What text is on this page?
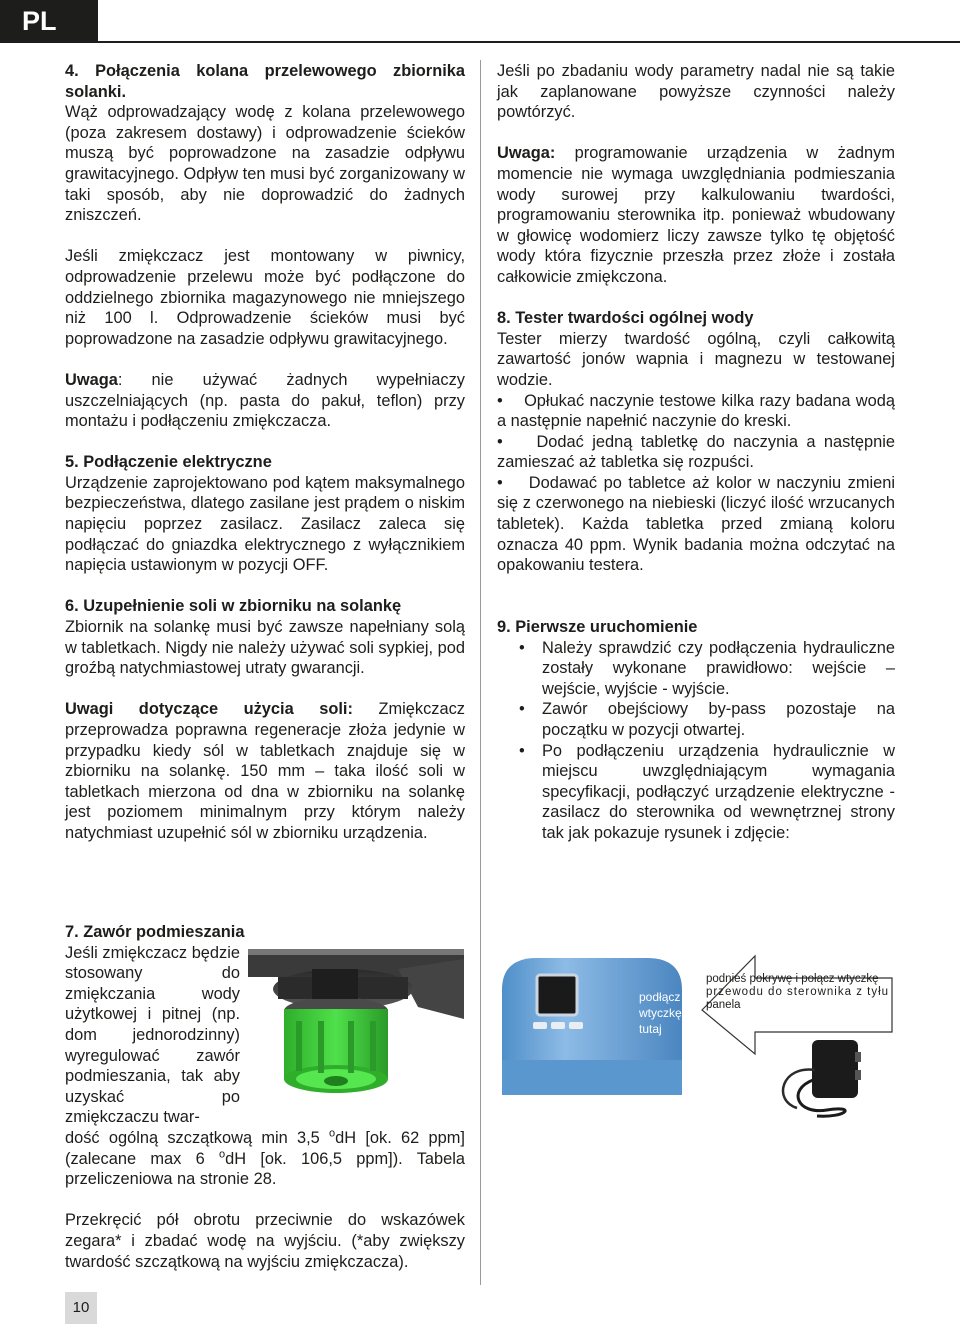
PL

4. Połączenia kolana przelewowego zbiornika solanki.

Wąż odprowadzający wodę z kolana przelewowego (poza zakresem dostawy) i odprowadzenie ścieków muszą być poprowadzone na zasadzie odpływu grawitacyjnego. Odpływ ten musi być zorganizowany w taki sposób, aby nie doprowadzić do żadnych zniszczeń.

Jeśli zmiękczacz jest montowany w piwnicy, odprowadzenie przelewu może być podłączone do oddzielnego zbiornika magazynowego nie mniejszego niż 100 l. Odprowadzenie ścieków musi być poprowadzone na zasadzie odpływu grawitacyjnego.

Uwaga: nie używać żadnych wypełniaczy uszczelniających (np. pasta do pakuł, teflon) przy montażu i podłączeniu zmiękczacza.

5. Podłączenie elektryczne

Urządzenie zaprojektowano pod kątem maksymalnego bezpieczeństwa, dlatego zasilane jest prądem o niskim napięciu poprzez zasilacz. Zasilacz zaleca się podłączać do gniazdka elektrycznego z wyłącznikiem napięcia ustawionym w pozycji OFF.

6. Uzupełnienie soli w zbiorniku na solankę

Zbiornik na solankę musi być zawsze napełniany solą w tabletkach. Nigdy nie należy używać soli sypkiej, pod groźbą natychmiastowej utraty gwarancji.

Uwagi dotyczące użycia soli: Zmiękczacz przeprowadza poprawna regeneracje złoża jedynie w przypadku kiedy sól w tabletkach znajduje się w zbiorniku na solankę. 150 mm – taka ilość soli w tabletkach mierzona od dna w zbiorniku na solankę jest poziomem minimalnym przy którym należy natychmiast uzupełnić sól w zbiorniku urządzenia.

7. Zawór podmieszania

Jeśli zmiękczacz będzie stosowany do zmiękczania wody użytkowej i pitnej (np. dom jednorodzinny) wyregulować zawór podmieszania, tak aby uzyskać po zmiękczaczu twar-

dość ogólną szczątkową min 3,5 $^o$dH [ok. 62 ppm] (zalecane max 6 $^o$dH [ok. 106,5 ppm]). Tabela przeliczeniowa na stronie 28.

Przekręcić pół obrotu przeciwnie do wskazówek zegara* i zbadać wodę na wyjściu. (*aby zwiększy twardość szczątkową na wyjściu zmiękczacza).

Jeśli po zbadaniu wody parametry nadal nie są takie jak zaplanowane powyższe czynności należy powtórzyć.

Uwaga: programowanie urządzenia w żadnym momencie nie wymaga uwzględniania podmieszania wody surowej przy kalkulowaniu twardości, programowaniu sterownika itp. ponieważ wbudowany w głowicę wodomierz liczy zawsze tylko tę objętość wody która fizycznie przeszła przez złoże i została całkowicie zmiękczona.

8. Tester twardości ogólnej wody

Tester mierzy twardość ogólną, czyli całkowitą zawartość jonów wapnia i magnezu w testowanej wodzie.

•    Opłukać naczynie testowe kilka razy badana wodą a następnie napełnić naczynie do kreski.
•    Dodać jedną tabletkę do naczynia a następnie zamieszać aż tabletka się rozpuści.
•    Dodawać po tabletce aż kolor w naczyniu zmieni się z czerwonego na niebieski (liczyć ilość wrzucanych tabletek). Każda tabletka przed zmianą koloru oznacza 40 ppm. Wynik badania można odczytać na opakowaniu testera.

9. Pierwsze uruchomienie

• Należy sprawdzić czy podłączenia hydrauliczne zostały wykonane prawidłowo: wejście – wejście, wyjście - wyjście.
• Zawór obejściowy by-pass pozostaje na początku w pozycji otwartej.
• Po podłączeniu urządzenia hydraulicznie w miejscu uwzględniającym wymagania specyfikacji, podłączyć urządzenie elektryczne - zasilacz do sterownika od wewnętrznej strony tak jak pokazuje rysunek i zdjęcie:
podłącz
wtyczkę
tutaj
podnieś pokrywę i połącz wtyczkę
przewodu do sterownika z tyłu
panela
10
